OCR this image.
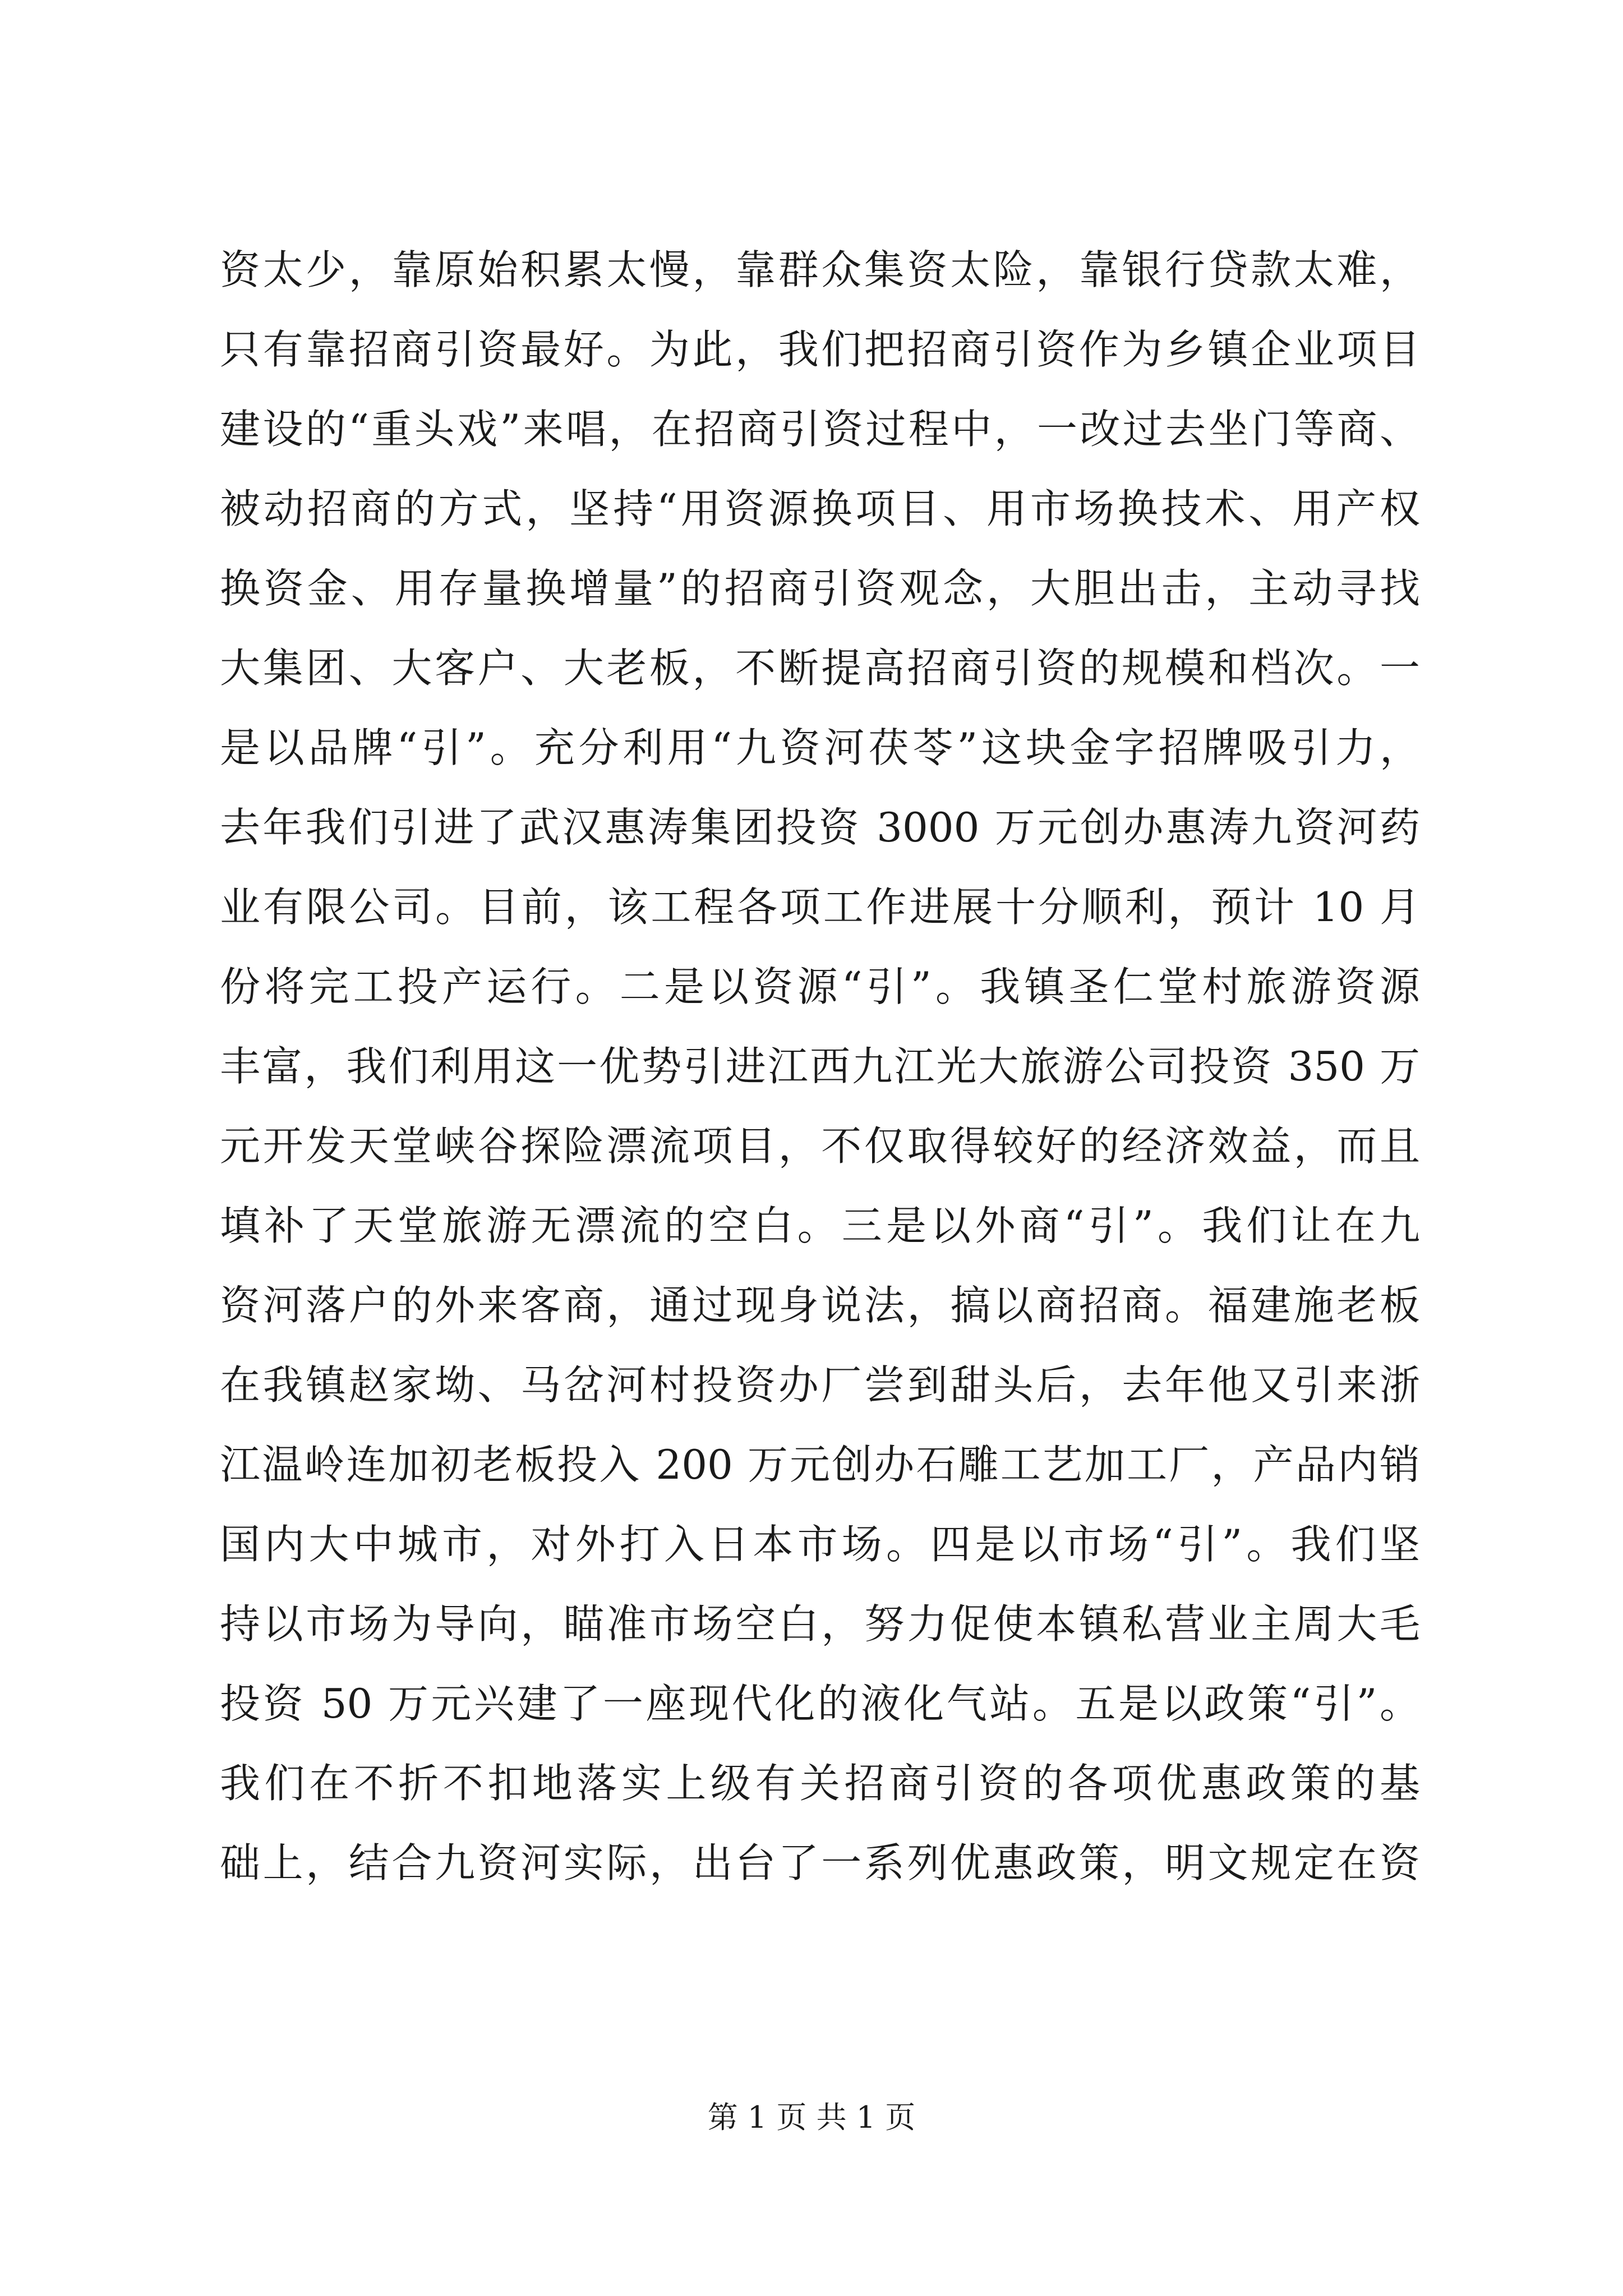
资太少，靠原始积累太慢，靠群众集资太险，靠银行贷款太难，
只有靠招商引资最好。为此，我们把招商引资作为乡镇企业项目
建设的“重头戏”来唱，在招商引资过程中，一改过去坐门等商、
被动招商的方式，坚持“用资源换项目、用市场换技术、用产权
换资金、用存量换增量”的招商引资观念，大胆出击，主动寻找
大集团、大客户、大老板，不断提高招商引资的规模和档次。一
是以品牌“引”。充分利用“九资河茯苓”这块金字招牌吸引力，
去年我们引进了武汉惠涛集团投资 3000 万元创办惠涛九资河药
业有限公司。目前，该工程各项工作进展十分顺利，预计 10 月
份将完工投产运行。二是以资源“引”。我镇圣仁堂村旅游资源
丰富，我们利用这一优势引进江西九江光大旅游公司投资 350 万
元开发天堂峡谷探险漂流项目，不仅取得较好的经济效益，而且
填补了天堂旅游无漂流的空白。三是以外商“引”。我们让在九
资河落户的外来客商，通过现身说法，搞以商招商。福建施老板
在我镇赵家坳、马岔河村投资办厂尝到甜头后，去年他又引来浙
江温岭连加初老板投入 200 万元创办石雕工艺加工厂，产品内销
国内大中城市，对外打入日本市场。四是以市场“引”。我们坚
持以市场为导向，瞄准市场空白，努力促使本镇私营业主周大毛
投资 50 万元兴建了一座现代化的液化气站。五是以政策“引”。
我们在不折不扣地落实上级有关招商引资的各项优惠政策的基
础上，结合九资河实际，出台了一系列优惠政策，明文规定在资
第 1 页 共 1 页
